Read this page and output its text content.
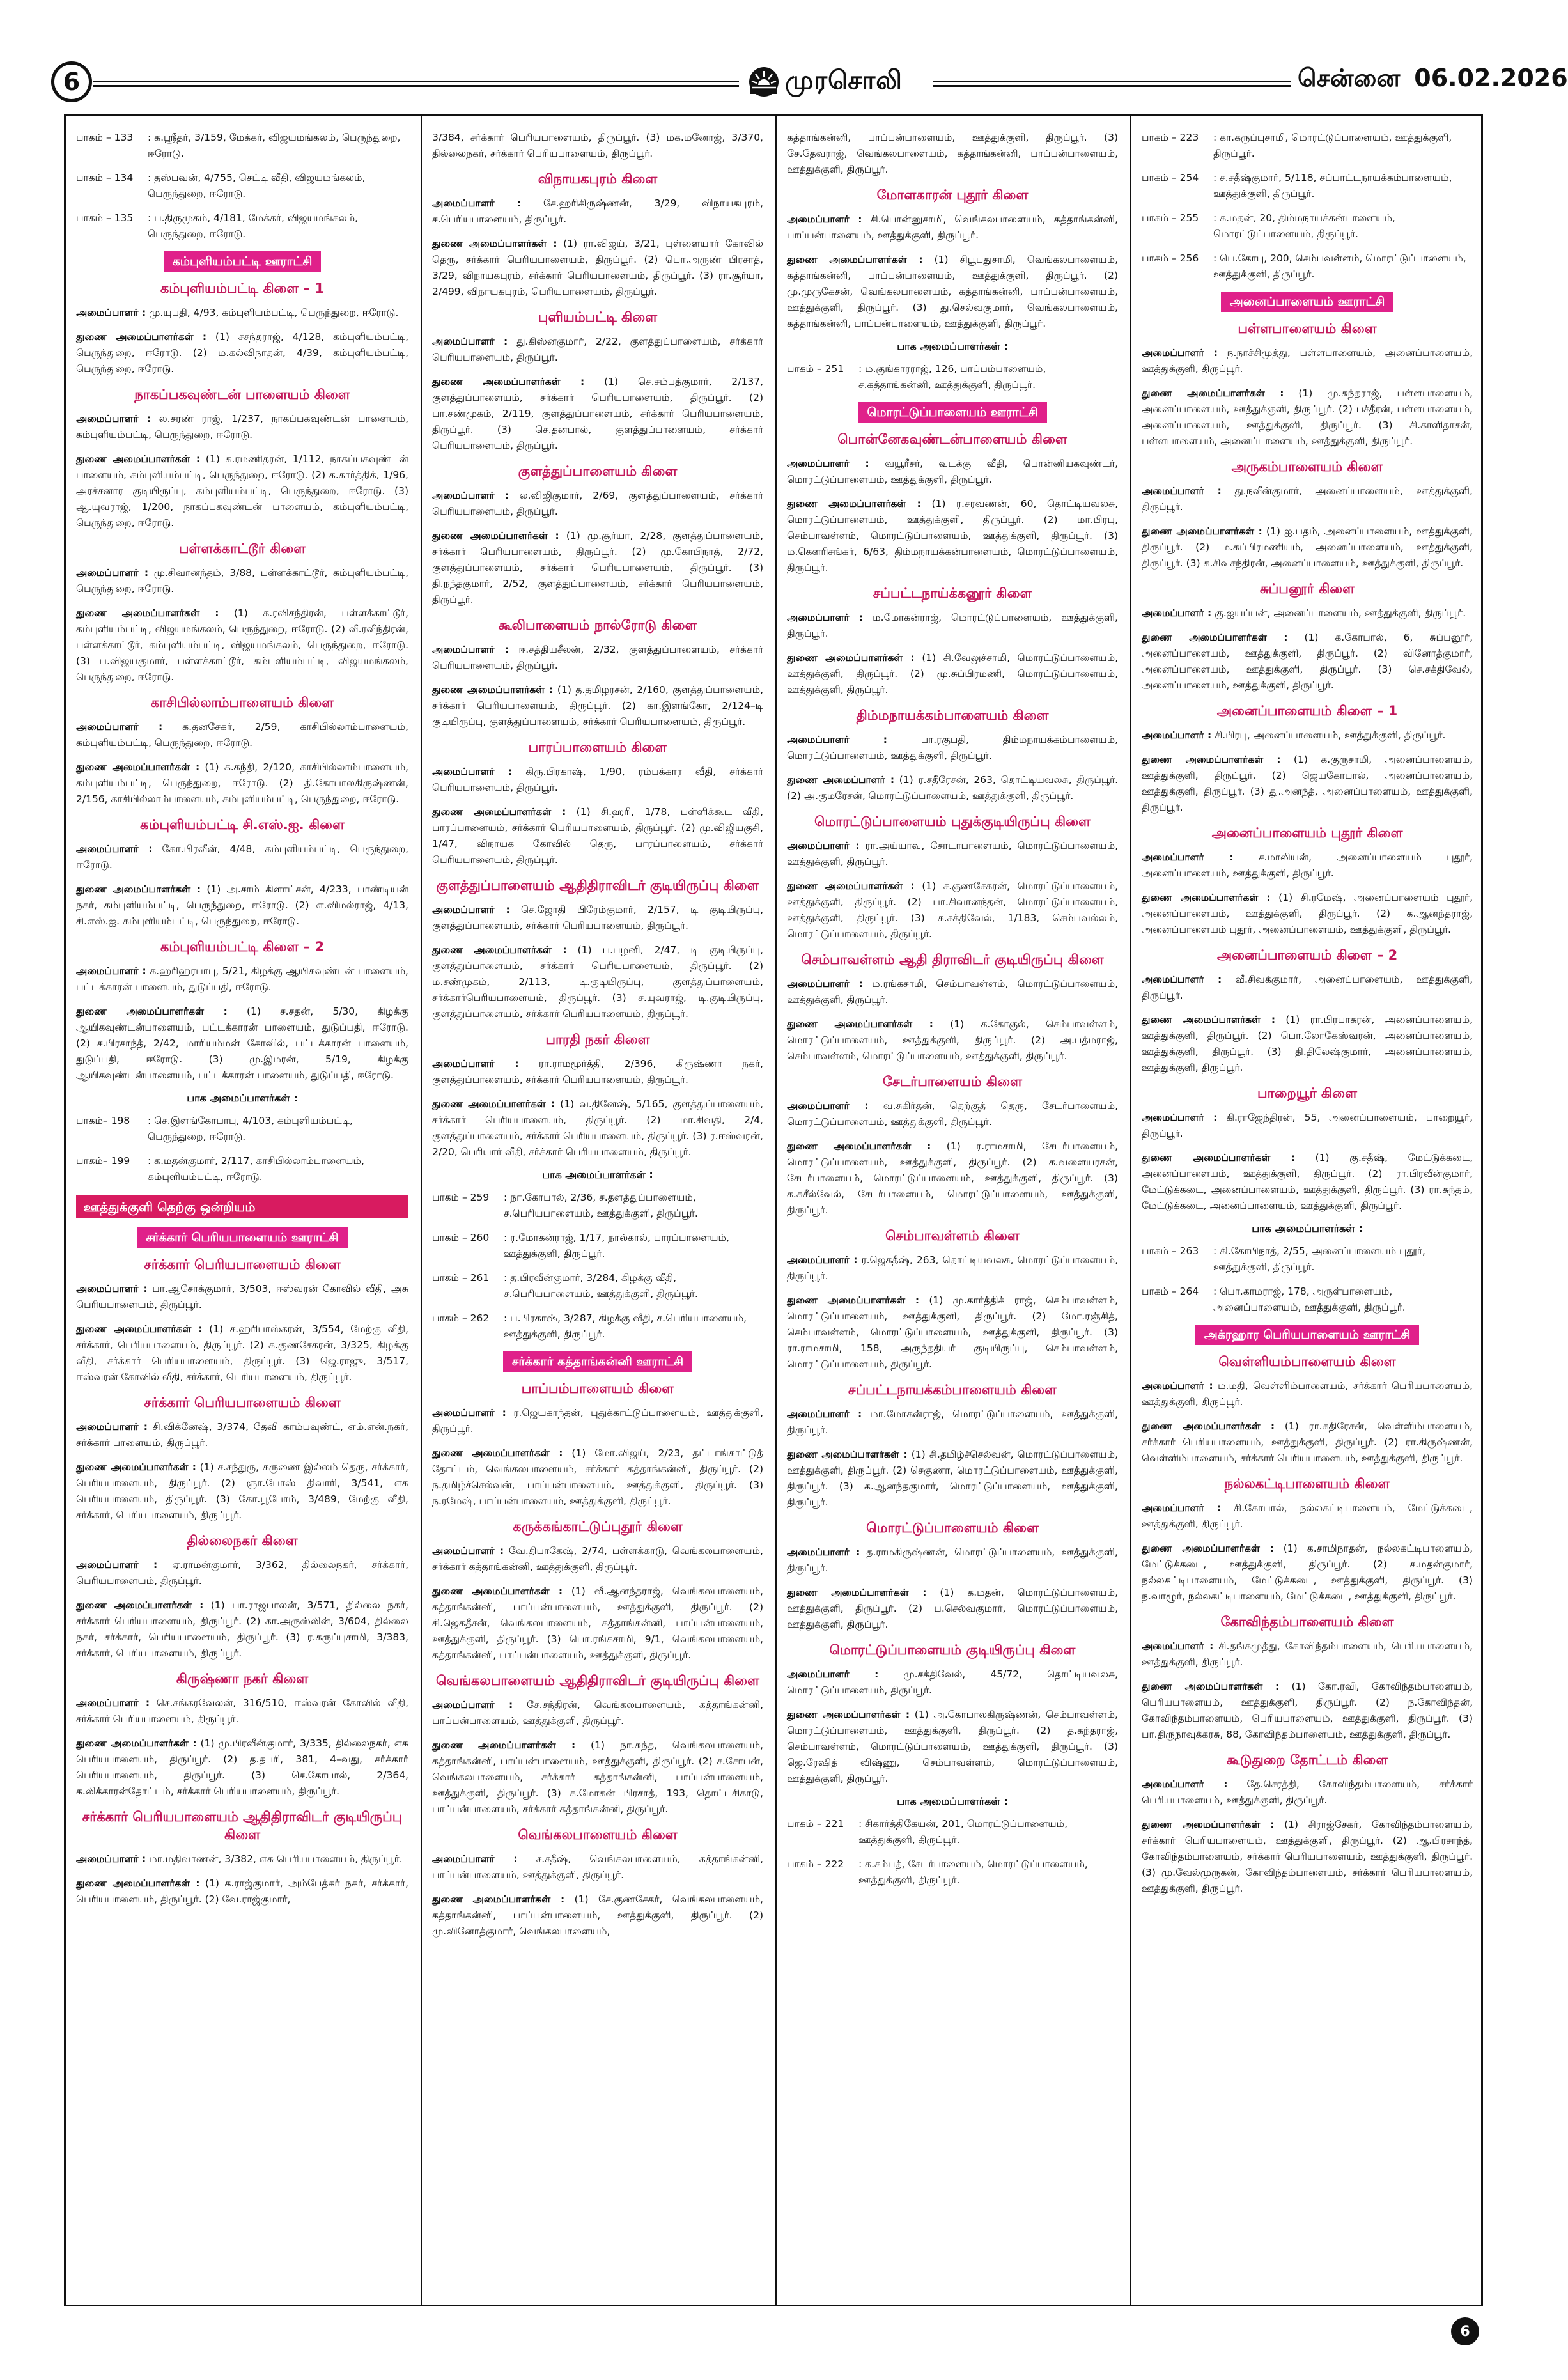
6	முரசொலி	சென்னை 06.02.2026
பாகம் – 133	: க.ஸ்ரீதர், 3/159, மேக்கர், விஜயமங்கலம், பெருந்துறை, ஈரோடு.
பாகம் – 134	: தஸ்பவன், 4/755, செட்டி வீதி, விஜயமங்கலம், பெருந்துறை, ஈரோடு.
பாகம் – 135	: ப.திருமுகம், 4/181, மேக்கர், விஜயமங்கலம், பெருந்துறை, ஈரோடு.
கம்புளியம்பட்டி ஊராட்சி
கம்புளியம்பட்டி கிளை – 1

அமைப்பாளர் : மு.யுபதி, 4/93, கம்புளியம்பட்டி, பெருந்துறை, ஈரோடு.

துணை அமைப்பாளர்கள் : (1) சசந்தராஜ், 4/128, கம்புளியம்பட்டி, பெருந்துறை, ஈரோடு. (2) ம.கல்விநாதன், 4/39, கம்புளியம்பட்டி, பெருந்துறை, ஈரோடு.

நாகப்பகவுண்டன் பாளையம் கிளை

அமைப்பாளர் : ல.சரண் ராஜ், 1/237, நாகப்பகவுண்டன் பாளையம், கம்புளியம்பட்டி, பெருந்துறை, ஈரோடு.

துணை அமைப்பாளர்கள் : (1) க.ரமணிதரன், 1/112, நாகப்பகவுண்டன் பாளையம், கம்புளியம்பட்டி, பெருந்துறை, ஈரோடு. (2) க.கார்த்திக், 1/96, அரச்சனார குடியிருப்பு, கம்புளியம்பட்டி, பெருந்துறை, ஈரோடு. (3) ஆ.யுவராஜ், 1/200, நாகப்பகவுண்டன் பாளையம், கம்புளியம்பட்டி, பெருந்துறை, ஈரோடு.

பள்ளக்காட்டூர் கிளை

அமைப்பாளர் : மு.சிவானந்தம், 3/88, பள்ளக்காட்டூர், கம்புளியம்பட்டி, பெருந்துறை, ஈரோடு.

துணை அமைப்பாளர்கள் : (1) க.ரவிசந்திரன், பள்ளக்காட்டூர், கம்புளியம்பட்டி, விஜயமங்கலம், பெருந்துறை, ஈரோடு. (2) வீ.ரவீந்திரன், பள்ளக்காட்டூர், கம்புளியம்பட்டி, விஜயமங்கலம், பெருந்துறை, ஈரோடு. (3) ப.விஜயகுமார், பள்ளக்காட்டூர், கம்புளியம்பட்டி, விஜயமங்கலம், பெருந்துறை, ஈரோடு.

காசிபில்லாம்பாளையம் கிளை

அமைப்பாளர் : க.தனசேகர், 2/59, காசிபில்லாம்பாளையம், கம்புளியம்பட்டி, பெருந்துறை, ஈரோடு.

துணை அமைப்பாளர்கள் : (1) க.கந்தி, 2/120, காசிபில்லாம்பாளையம், கம்புளியம்பட்டி, பெருந்துறை, ஈரோடு. (2) தி.கோபாலகிருஷ்ணன், 2/156, காசிபில்லாம்பாளையம், கம்புளியம்பட்டி, பெருந்துறை, ஈரோடு.

கம்புளியம்பட்டி சி.எஸ்.ஐ. கிளை

அமைப்பாளர் : கோ.பிரவீன், 4/48, கம்புளியம்பட்டி, பெருந்துறை, ஈரோடு.

துணை அமைப்பாளர்கள் : (1) அ.சாம் கிளாட்சன், 4/233, பாண்டியன் நகர், கம்புளியம்பட்டி, பெருந்துறை, ஈரோடு. (2) எ.விமல்ராஜ், 4/13, சி.எஸ்.ஐ. கம்புளியம்பட்டி, பெருந்துறை, ஈரோடு.

கம்புளியம்பட்டி கிளை – 2

அமைப்பாளர் : க.ஹரிஹரபாபு, 5/21, கிழக்கு ஆயிகவுண்டன் பாளையம், பட்டக்காரன் பாளையம், துடுப்பதி, ஈரோடு.

துணை அமைப்பாளர்கள் : (1) ச.சதன், 5/30, கிழக்கு ஆயிகவுண்டன்பாளையம், பட்டக்காரன் பாளையம், துடுப்பதி, ஈரோடு. (2) ச.பிரசாந்த், 2/42, மாரியம்மன் கோவில், பட்டக்காரன் பாளையம், துடுப்பதி, ஈரோடு. (3) மு.இமரன், 5/19, கிழக்கு ஆயிகவுண்டன்பாளையம், பட்டக்காரன் பாளையம், துடுப்பதி, ஈரோடு.

பாக அமைப்பாளர்கள் :
பாகம்– 198	: செ.இளங்கோபாபு, 4/103, கம்புளியம்பட்டி, பெருந்துறை, ஈரோடு.
பாகம்– 199	: க.மதன்குமார், 2/117, காசிபில்லாம்பாளையம், கம்புளியம்பட்டி, ஈரோடு.
ஊத்துக்குளி தெற்கு ஒன்றியம்
சர்க்கார் பெரியபாளையம் ஊராட்சி
சர்க்கார் பெரியபாளையம் கிளை

அமைப்பாளர் : பா.ஆசோக்குமார், 3/503, ஈஸ்வரன் கோவில் வீதி, அசு பெரியபாளையம், திருப்பூர்.

துணை அமைப்பாளர்கள் : (1) ச.ஹரிபாஸ்கரன், 3/554, மேற்கு வீதி, சர்க்கார், பெரியபாளையம், திருப்பூர். (2) க.குணசேகரன், 3/325, கிழக்கு வீதி, சர்க்கார் பெரியபாளையம், திருப்பூர். (3) ஜெ.ராஜு, 3/517, ஈஸ்வரன் கோவில் வீதி, சர்க்கார், பெரியபாளையம், திருப்பூர்.

சர்க்கார் பெரியபாளையம் கிளை

அமைப்பாளர் : சி.விக்னேஷ், 3/374, தேவி காம்பவுண்ட், எம்.என்.நகர், சர்க்கார் பாளையம், திருப்பூர்.

துணை அமைப்பாளர்கள் : (1) ச.சந்துரு, கருணை இல்லம் தெரு, சர்க்கார், பெரியபாளையம், திருப்பூர். (2) ஞா.போஸ் திவாரி, 3/541, எசு பெரியபாளையம், திருப்பூர். (3) கோ.பூபோம், 3/489, மேற்கு வீதி, சர்க்கார், பெரியபாளையம், திருப்பூர்.

தில்லைநகர் கிளை

அமைப்பாளர் : ஏ.ராமன்குமார், 3/362, தில்லைநகர், சர்க்கார், பெரியபாளையம், திருப்பூர்.

துணை அமைப்பாளர்கள் : (1) பா.ராஜபாலன், 3/571, தில்லை நகர், சர்க்கார் பெரியபாளையம், திருப்பூர். (2) கா.அருஸ்லின், 3/604, தில்லை நகர், சர்க்கார், பெரியபாளையம், திருப்பூர். (3) ர.கருப்புசாமி, 3/383, சர்க்கார், பெரியபாளையம், திருப்பூர்.

கிருஷ்ணா நகர் கிளை

அமைப்பாளர் : செ.சங்கரவேலன், 316/510, ஈஸ்வரன் கோவில் வீதி, சர்க்கார் பெரியபாளையம், திருப்பூர்.

துணை அமைப்பாளர்கள் : (1) மு.பிரவீன்குமார், 3/335, தில்லைநகர், எசு பெரியபாளையம், திருப்பூர். (2) த.தபரி, 381, 4–வது, சர்க்கார் பெரியபாளையம், திருப்பூர். (3) செ.கோபால், 2/364, க.லிக்காரன்தோட்டம், சர்க்கார் பெரியபாளையம், திருப்பூர்.

சர்க்கார் பெரியபாளையம் ஆதிதிராவிடர் குடியிருப்பு கிளை

அமைப்பாளர் : மா.மதிவாணன், 3/382, எசு பெரியபாளையம், திருப்பூர்.

துணை அமைப்பாளர்கள் : (1) க.ராஜ்குமார், அம்பேத்கர் நகர், சர்க்கார், பெரியபாளையம், திருப்பூர். (2) வே.ராஜ்குமார்,

3/384, சர்க்கார் பெரியபாளையம், திருப்பூர். (3) மக.மனோஜ், 3/370, தில்லைநகர், சர்க்கார் பெரியபாளையம், திருப்பூர்.

விநாயகபுரம் கிளை

அமைப்பாளர் : சே.ஹரிகிருஷ்ணன், 3/29, விநாயகபுரம், ச.பெரியபாளையம், திருப்பூர்.

துணை அமைப்பாளர்கள் : (1) ரா.விஜய், 3/21, புள்ளையார் கோவில் தெரு, சர்க்கார் பெரியபாளையம், திருப்பூர். (2) பொ.அருண் பிரசாத், 3/29, விநாயகபுரம், சர்க்கார் பெரியபாளையம், திருப்பூர். (3) ரா.சூர்யா, 2/499, விநாயகபுரம், பெரியபாளையம், திருப்பூர்.

புளியம்பட்டி கிளை

அமைப்பாளர் : து.கிஸ்னகுமார், 2/22, குளத்துப்பாளையம், சர்க்கார் பெரியபாளையம், திருப்பூர்.

துணை அமைப்பாளர்கள் : (1) செ.சம்பத்குமார், 2/137, குளத்துப்பாளையம், சர்க்கார் பெரியபாளையம், திருப்பூர். (2) பா.சண்முகம், 2/119, குளத்துப்பாளையம், சர்க்கார் பெரியபாளையம், திருப்பூர். (3) செ.தனபால், குளத்துப்பாளையம், சர்க்கார் பெரியபாளையம், திருப்பூர்.

குளத்துப்பாளையம் கிளை

அமைப்பாளர் : ல.விஜிகுமார், 2/69, குளத்துப்பாளையம், சர்க்கார் பெரியபாளையம், திருப்பூர்.

துணை அமைப்பாளர்கள் : (1) மு.சூர்யா, 2/28, குளத்துப்பாளையம், சர்க்கார் பெரியபாளையம், திருப்பூர். (2) மு.கோபிநாத், 2/72, குளத்துப்பாளையம், சர்க்கார் பெரியபாளையம், திருப்பூர். (3) தி.நந்தகுமார், 2/52, குளத்துப்பாளையம், சர்க்கார் பெரியபாளையம், திருப்பூர்.

கூலிபாளையம் நால்ரோடு கிளை

அமைப்பாளர் : ஈ.சத்தியசீலன், 2/32, குளத்துப்பாளையம், சர்க்கார் பெரியபாளையம், திருப்பூர்.

துணை அமைப்பாளர்கள் : (1) த.தமிழரசன், 2/160, குளத்துப்பாளையம், சர்க்கார் பெரியபாளையம், திருப்பூர். (2) கா.இளங்கோ, 2/124–டி குடியிருப்பு, குளத்துப்பாளையம், சர்க்கார் பெரியபாளையம், திருப்பூர்.

பாரப்பாளையம் கிளை

அமைப்பாளர் : கிரு.பிரகாஷ், 1/90, ரம்பக்கார வீதி, சர்க்கார் பெரியபாளையம், திருப்பூர்.

துணை அமைப்பாளர்கள் : (1) சி.ஹரி, 1/78, பள்ளிக்கூட வீதி, பாரப்பாளையம், சர்க்கார் பெரியபாளையம், திருப்பூர். (2) மு.விஜியகுசி, 1/47, விநாயக கோவில் தெரு, பாரப்பாளையம், சர்க்கார் பெரியபாளையம், திருப்பூர்.

குளத்துப்பாளையம் ஆதிதிராவிடர் குடியிருப்பு கிளை

அமைப்பாளர் : செ.ஜோதி பிரேம்குமார், 2/157, டி குடியிருப்பு, குளத்துப்பாளையம், சர்க்கார் பெரியபாளையம், திருப்பூர்.

துணை அமைப்பாளர்கள் : (1) ப.பழனி, 2/47, டி குடியிருப்பு, குளத்துப்பாளையம், சர்க்கார் பெரியபாளையம், திருப்பூர். (2) ம.சண்முகம், 2/113, டி.குடியிருப்பு, குளத்துப்பாளையம், சர்க்கார்பெரியபாளையம், திருப்பூர். (3) ச.யுவராஜ், டி.குடியிருப்பு, குளத்துப்பாளையம், சர்க்கார் பெரியபாளையம், திருப்பூர்.

பாரதி நகர் கிளை

அமைப்பாளர் : ரா.ராமமூர்த்தி, 2/396, கிருஷ்ணா நகர், குளத்துப்பாளையம், சர்க்கார் பெரியபாளையம், திருப்பூர்.

துணை அமைப்பாளர்கள் : (1) வ.தினேஷ், 5/165, குளத்துப்பாளையம், சர்க்கார் பெரியபாளையம், திருப்பூர். (2) மா.சிவதி, 2/4, குளத்துப்பாளையம், சர்க்கார் பெரியபாளையம், திருப்பூர். (3) ர.ஈஸ்வரன், 2/20, பெரியார் வீதி, சர்க்கார் பெரியபாளையம், திருப்பூர்.

பாக அமைப்பாளர்கள் :
பாகம் – 259	: நா.கோபால், 2/36, ச.தளத்துப்பாளையம், ச.பெரியபாளையம், ஊத்துக்குளி, திருப்பூர்.
பாகம் – 260	: ர.மோகன்ராஜ், 1/17, நால்கால், பாரப்பாளையம், ஊத்துக்குளி, திருப்பூர்.
பாகம் – 261	: த.பிரவீன்குமார், 3/284, கிழக்கு வீதி, ச.பெரியபாளையம், ஊத்துக்குளி, திருப்பூர்.
பாகம் – 262	: ப.பிரகாஷ், 3/287, கிழக்கு வீதி, ச.பெரியபாளையம், ஊத்துக்குளி, திருப்பூர்.
சர்க்கார் கத்தாங்கன்னி ஊராட்சி
பாப்பம்பாளையம் கிளை

அமைப்பாளர் : ர.ஜெயகாந்தன், புதுக்காட்டுப்பாளையம், ஊத்துக்குளி, திருப்பூர்.

துணை அமைப்பாளர்கள் : (1) மோ.விஜய், 2/23, தட்டாங்காட்டுத் தோட்டம், வெங்கலபாளையம், சர்க்கார் கத்தாங்கன்னி, திருப்பூர். (2) ந.தமிழ்ச்செல்வன், பாப்பன்பாளையம், ஊத்துக்குளி, திருப்பூர். (3) ந.ரமேஷ், பாப்பன்பாளையம், ஊத்துக்குளி, திருப்பூர்.

கருக்கங்காட்டுப்புதூர் கிளை

அமைப்பாளர் : வே.திபாகேஷ், 2/74, பள்ளக்காடு, வெங்கலபாளையம், சர்க்கார் கத்தாங்கன்னி, ஊத்துக்குளி, திருப்பூர்.

துணை அமைப்பாளர்கள் : (1) வீ.ஆனந்தராஜ், வெங்கலபாளையம், கத்தாங்கன்னி, பாப்பன்பாளையம், ஊத்துக்குளி, திருப்பூர். (2) சி.ஜெகதீசன், வெங்கலபாளையம், கத்தாங்கன்னி, பாப்பன்பாளையம், ஊத்துக்குளி, திருப்பூர். (3) பொ.ரங்கசாமி, 9/1, வெங்கலபாளையம், கத்தாங்கன்னி, பாப்பன்பாளையம், ஊத்துக்குளி, திருப்பூர்.

வெங்கலபாளையம் ஆதிதிராவிடர் குடியிருப்பு கிளை

அமைப்பாளர் : சே.சந்திரன், வெங்கலபாளையம், கத்தாங்கன்னி, பாப்பன்பாளையம், ஊத்துக்குளி, திருப்பூர்.

துணை அமைப்பாளர்கள் : (1) நா.சுந்த, வெங்கலபாளையம், கத்தாங்கன்னி, பாப்பன்பாளையம், ஊத்துக்குளி, திருப்பூர். (2) ச.சோபன், வெங்கலபாளையம், சர்க்கார் கத்தாங்கன்னி, பாப்பன்பாளையம், ஊத்துக்குளி, திருப்பூர். (3) க.மோகன் பிரசாத், 193, தொட்டசிகாடு, பாப்பன்பாளையம், சர்க்கார் கத்தாங்கன்னி, திருப்பூர்.

வெங்கலபாளையம் கிளை

அமைப்பாளர் : ச.சதீஷ், வெங்கலபாளையம், கத்தாங்கன்னி, பாப்பன்பாளையம், ஊத்துக்குளி, திருப்பூர்.

துணை அமைப்பாளர்கள் : (1) சே.குணசேகர், வெங்கலபாளையம், கத்தாங்கன்னி, பாப்பன்பாளையம், ஊத்துக்குளி, திருப்பூர். (2) மு.வினோத்குமார், வெங்கலபாளையம்,

கத்தாங்கன்னி, பாப்பன்பாளையம், ஊத்துக்குளி, திருப்பூர். (3) சே.தேவராஜ், வெங்கலபாளையம், கத்தாங்கன்னி, பாப்பன்பாளையம், ஊத்துக்குளி, திருப்பூர்.

மோளகாரன் புதூர் கிளை

அமைப்பாளர் : சி.பொன்னுசாமி, வெங்கலபாளையம், கத்தாங்கன்னி, பாப்பன்பாளையம், ஊத்துக்குளி, திருப்பூர்.

துணை அமைப்பாளர்கள் : (1) சிபூபதுசாமி, வெங்கலபாளையம், கத்தாங்கன்னி, பாப்பன்பாளையம், ஊத்துக்குளி, திருப்பூர். (2) மு.முருகேசன், வெங்கலபாளையம், கத்தாங்கன்னி, பாப்பன்பாளையம், ஊத்துக்குளி, திருப்பூர். (3) து.செல்வகுமார், வெங்கலபாளையம், கத்தாங்கன்னி, பாப்பன்பாளையம், ஊத்துக்குளி, திருப்பூர்.

பாக அமைப்பாளர்கள் :
பாகம் – 251	: ம.குங்காரராஜ், 126, பாப்பம்பாளையம், ச.கத்தாங்கன்னி, ஊத்துக்குளி, திருப்பூர்.
மொரட்டுப்பாளையம் ஊராட்சி
பொன்னேகவுண்டன்பாளையம் கிளை

அமைப்பாளர் : வயூரீசர், வடக்கு வீதி, பொன்னியகவுண்டர், மொரட்டுப்பாளையம், ஊத்துக்குளி, திருப்பூர்.

துணை அமைப்பாளர்கள் : (1) ர.சரவணன், 60, தொட்டியவலசு, மொரட்டுப்பாளையம், ஊத்துக்குளி, திருப்பூர். (2) மா.பிரபு, செம்பாவள்ளம், மொரட்டுப்பாளையம், ஊத்துக்குளி, திருப்பூர். (3) ம.கௌரிசங்கர், 6/63, திம்மநாயக்கன்பாளையம், மொரட்டுப்பாளையம், திருப்பூர்.

சப்பட்டநாய்க்கனூர் கிளை

அமைப்பாளர் : ம.மோகன்ராஜ், மொரட்டுப்பாளையம், ஊத்துக்குளி, திருப்பூர்.

துணை அமைப்பாளர்கள் : (1) சி.வேலுச்சாமி, மொரட்டுப்பாளையம், ஊத்துக்குளி, திருப்பூர். (2) மு.சுப்பிரமணி, மொரட்டுப்பாளையம், ஊத்துக்குளி, திருப்பூர்.

திம்மநாயக்கம்பாளையம் கிளை

அமைப்பாளர் : பா.ரகுபதி, திம்மநாயக்கம்பாளையம், மொரட்டுப்பாளையம், ஊத்துக்குளி, திருப்பூர்.

துணை அமைப்பாளர் : (1) ர.சதீரேசன், 263, தொட்டியவலசு, திருப்பூர். (2) அ.குமரேசன், மொரட்டுப்பாளையம், ஊத்துக்குளி, திருப்பூர்.

மொரட்டுப்பாளையம் புதுக்குடியிருப்பு கிளை

அமைப்பாளர் : ரா.அய்யாவு, சோடாபாளையம், மொரட்டுப்பாளையம், ஊத்துக்குளி, திருப்பூர்.

துணை அமைப்பாளர்கள் : (1) ச.குணசேகரன், மொரட்டுப்பாளையம், ஊத்துக்குளி, திருப்பூர். (2) பா.சிவானந்தன், மொரட்டுப்பாளையம், ஊத்துக்குளி, திருப்பூர். (3) க.சக்திவேல், 1/183, செம்பவல்லம், மொரட்டுப்பாளையம், திருப்பூர்.

செம்பாவள்ளம் ஆதி திராவிடர் குடியிருப்பு கிளை

அமைப்பாளர் : ம.ரங்கசாமி, செம்பாவள்ளம், மொரட்டுப்பாளையம், ஊத்துக்குளி, திருப்பூர்.

துணை அமைப்பாளர்கள் : (1) க.கோகுல், செம்பாவள்ளம், மொரட்டுப்பாளையம், ஊத்துக்குளி, திருப்பூர். (2) அ.பத்மராஜ், செம்பாவள்ளம், மொரட்டுப்பாளையம், ஊத்துக்குளி, திருப்பூர்.

சேடர்பாளையம் கிளை

அமைப்பாளர் : வ.சுகிர்தன், தெற்குத் தெரு, சேடர்பாளையம், மொரட்டுப்பாளையம், ஊத்துக்குளி, திருப்பூர்.

துணை அமைப்பாளர்கள் : (1) ர.ராமசாமி, சேடர்பாளையம், மொரட்டுப்பாளையம், ஊத்துக்குளி, திருப்பூர். (2) க.வளையரசன், சேடர்பாளையம், மொரட்டுப்பாளையம், ஊத்துக்குளி, திருப்பூர். (3) க.சுசீல்வேல், சேடர்பாளையம், மொரட்டுப்பாளையம், ஊத்துக்குளி, திருப்பூர்.

செம்பாவள்ளம் கிளை

அமைப்பாளர் : ர.ஜெகதீஷ், 263, தொட்டியவலசு, மொரட்டுப்பாளையம், திருப்பூர்.

துணை அமைப்பாளர்கள் : (1) மு.கார்த்திக் ராஜ், செம்பாவள்ளம், மொரட்டுப்பாளையம், ஊத்துக்குளி, திருப்பூர். (2) மோ.ரஞ்சித், செம்பாவள்ளம், மொரட்டுப்பாளையம், ஊத்துக்குளி, திருப்பூர். (3) ரா.ராமசாமி, 158, அருந்ததியர் குடியிருப்பு, செம்பாவள்ளம், மொரட்டுப்பாளையம், திருப்பூர்.

சப்பட்டநாயக்கம்பாளையம் கிளை

அமைப்பாளர் : மா.மோகன்ராஜ், மொரட்டுப்பாளையம், ஊத்துக்குளி, திருப்பூர்.

துணை அமைப்பாளர்கள் : (1) சி.தமிழ்ச்செல்வன், மொரட்டுப்பாளையம், ஊத்துக்குளி, திருப்பூர். (2) செகுணா, மொரட்டுப்பாளையம், ஊத்துக்குளி, திருப்பூர். (3) க.ஆனந்தகுமார், மொரட்டுப்பாளையம், ஊத்துக்குளி, திருப்பூர்.

மொரட்டுப்பாளையம் கிளை

அமைப்பாளர் : த.ராமகிருஷ்ணன், மொரட்டுப்பாளையம், ஊத்துக்குளி, திருப்பூர்.

துணை அமைப்பாளர்கள் : (1) க.மதன், மொரட்டுப்பாளையம், ஊத்துக்குளி, திருப்பூர். (2) ப.செல்வகுமார், மொரட்டுப்பாளையம், ஊத்துக்குளி, திருப்பூர்.

மொரட்டுப்பாளையம் குடியிருப்பு கிளை

அமைப்பாளர் : மு.சக்திவேல், 45/72, தொட்டியவலசு, மொரட்டுப்பாளையம், திருப்பூர்.

துணை அமைப்பாளர்கள் : (1) அ.கோபாலகிருஷ்ணன், செம்பாவள்ளம், மொரட்டுப்பாளையம், ஊத்துக்குளி, திருப்பூர். (2) த.கந்தராஜ், செம்பாவள்ளம், மொரட்டுப்பாளையம், ஊத்துக்குளி, திருப்பூர். (3) ஜெ.ரேஷித் விஷ்ணு, செம்பாவள்ளம், மொரட்டுப்பாளையம், ஊத்துக்குளி, திருப்பூர்.

பாக அமைப்பாளர்கள் :
பாகம் – 221	: சிகார்த்திகேயன், 201, மொரட்டுப்பாளையம், ஊத்துக்குளி, திருப்பூர்.
பாகம் – 222	: க.சம்பத், சேடர்பாளையம், மொரட்டுப்பாளையம், ஊத்துக்குளி, திருப்பூர்.
பாகம் – 223	: கா.கருப்புசாமி, மொரட்டுப்பாளையம், ஊத்துக்குளி, திருப்பூர்.
பாகம் – 254	: ச.சதீஷ்குமார், 5/118, சப்பாட்டநாயக்கம்பாளையம், ஊத்துக்குளி, திருப்பூர்.
பாகம் – 255	: க.மதன், 20, திம்மநாயக்கன்பாளையம், மொரட்டுப்பாளையம், திருப்பூர்.
பாகம் – 256	: பெ.கோபு, 200, செம்பவள்ளம், மொரட்டுப்பாளையம், ஊத்துக்குளி, திருப்பூர்.
அனைப்பாளையம் ஊராட்சி
பள்ளபாளையம் கிளை

அமைப்பாளர் : ந.நாச்சிமுத்து, பள்ளபாளையம், அனைப்பாளையம், ஊத்துக்குளி, திருப்பூர்.

துணை அமைப்பாளர்கள் : (1) மு.சுந்தராஜ், பள்ளபாளையம், அனைப்பாளையம், ஊத்துக்குளி, திருப்பூர். (2) பச்தீரன், பள்ளபாளையம், அனைப்பாளையம், ஊத்துக்குளி, திருப்பூர். (3) சி.காளிதாசன், பள்ளபாளையம், அனைப்பாளையம், ஊத்துக்குளி, திருப்பூர்.

அருகம்பாளையம் கிளை

அமைப்பாளர் : து.நவீன்குமார், அனைப்பாளையம், ஊத்துக்குளி, திருப்பூர்.

துணை அமைப்பாளர்கள் : (1) ஐ.பதம், அனைப்பாளையம், ஊத்துக்குளி, திருப்பூர். (2) ம.சுப்பிரமணியம், அனைப்பாளையம், ஊத்துக்குளி, திருப்பூர். (3) க.சிவசந்திரன், அனைப்பாளையம், ஊத்துக்குளி, திருப்பூர்.

சுப்பனூர் கிளை

அமைப்பாளர் : கு.ஐயப்பன், அனைப்பாளையம், ஊத்துக்குளி, திருப்பூர்.

துணை அமைப்பாளர்கள் : (1) க.கோபால், 6, சுப்பனூர், அனைப்பாளையம், ஊத்துக்குளி, திருப்பூர். (2) வினோத்குமார், அனைப்பாளையம், ஊத்துக்குளி, திருப்பூர். (3) செ.சக்திவேல், அனைப்பாளையம், ஊத்துக்குளி, திருப்பூர்.

அனைப்பாளையம் கிளை – 1

அமைப்பாளர் : சி.பிரபு, அனைப்பாளையம், ஊத்துக்குளி, திருப்பூர்.

துணை அமைப்பாளர்கள் : (1) க.குருசாமி, அனைப்பாளையம், ஊத்துக்குளி, திருப்பூர். (2) ஜெயகோபால், அனைப்பாளையம், ஊத்துக்குளி, திருப்பூர். (3) து.அனந்த், அனைப்பாளையம், ஊத்துக்குளி, திருப்பூர்.

அனைப்பாளையம் புதூர் கிளை

அமைப்பாளர் : ச.மாலியன், அனைப்பாளையம் புதூர், அனைப்பாளையம், ஊத்துக்குளி, திருப்பூர்.

துணை அமைப்பாளர்கள் : (1) சி.ரமேஷ், அனைப்பாளையம் புதூர், அனைப்பாளையம், ஊத்துக்குளி, திருப்பூர். (2) க.ஆனந்தராஜ், அனைப்பாளையம் புதூர், அனைப்பாளையம், ஊத்துக்குளி, திருப்பூர்.

அனைப்பாளையம் கிளை – 2

அமைப்பாளர் : வீ.சிவக்குமார், அனைப்பாளையம், ஊத்துக்குளி, திருப்பூர்.

துணை அமைப்பாளர்கள் : (1) ரா.பிரபாகரன், அனைப்பாளையம், ஊத்துக்குளி, திருப்பூர். (2) பொ.லோகேஸ்வரன், அனைப்பாளையம், ஊத்துக்குளி, திருப்பூர். (3) தி.திலேஷ்குமார், அனைப்பாளையம், ஊத்துக்குளி, திருப்பூர்.

பாறையூர் கிளை

அமைப்பாளர் : கி.ராஜேந்திரன், 55, அனைப்பாளையம், பாறையூர், திருப்பூர்.

துணை அமைப்பாளர்கள் : (1) கு.சதீஷ், மேட்டுக்கடை, அனைப்பாளையம், ஊத்துக்குளி, திருப்பூர். (2) ரா.பிரவீன்குமார், மேட்டுக்கடை, அனைப்பாளையம், ஊத்துக்குளி, திருப்பூர். (3) ரா.சுந்தம், மேட்டுக்கடை, அனைப்பாளையம், ஊத்துக்குளி, திருப்பூர்.

பாக அமைப்பாளர்கள் :
பாகம் – 263	: கி.கோபிநாத், 2/55, அனைப்பாளையம் புதூர், ஊத்துக்குளி, திருப்பூர்.
பாகம் – 264	: பொ.காமராஜ், 178, அருள்பாளையம், அனைப்பாளையம், ஊத்துக்குளி, திருப்பூர்.
அக்ரஹார பெரியபாளையம் ஊராட்சி
வெள்ளியம்பாளையம் கிளை

அமைப்பாளர் : ம.மதி, வெள்ளிம்பாளையம், சர்க்கார் பெரியபாளையம், ஊத்துக்குளி, திருப்பூர்.

துணை அமைப்பாளர்கள் : (1) ரா.கதிரேசன், வெள்ளிம்பாளையம், சர்க்கார் பெரியபாளையம், ஊத்துக்குளி, திருப்பூர். (2) ரா.கிருஷ்ணன், வெள்ளிம்பாளையம், சர்க்கார் பெரியபாளையம், ஊத்துக்குளி, திருப்பூர்.

நல்லகட்டிபாளையம் கிளை

அமைப்பாளர் : சி.கோபால், நல்லகட்டிபாளையம், மேட்டுக்கடை, ஊத்துக்குளி, திருப்பூர்.

துணை அமைப்பாளர்கள் : (1) க.சாமிநாதன், நல்லகட்டிபாளையம், மேட்டுக்கடை, ஊத்துக்குளி, திருப்பூர். (2) ச.மதன்குமார், நல்லகட்டிபாளையம், மேட்டுக்கடை, ஊத்துக்குளி, திருப்பூர். (3) ந.வாழூர், நல்லகட்டிபாளையம், மேட்டுக்கடை, ஊத்துக்குளி, திருப்பூர்.

கோவிந்தம்பாளையம் கிளை

அமைப்பாளர் : சி.தங்கமுத்து, கோவிந்தம்பாளையம், பெரியபாளையம், ஊத்துக்குளி, திருப்பூர்.

துணை அமைப்பாளர்கள் : (1) கோ.ரவி, கோவிந்தம்பாளையம், பெரியபாளையம், ஊத்துக்குளி, திருப்பூர். (2) ந.கோவிந்தன், கோவிந்தம்பாளையம், பெரியபாளையம், ஊத்துக்குளி, திருப்பூர். (3) பா.திருநாவுக்கரசு, 88, கோவிந்தம்பாளையம், ஊத்துக்குளி, திருப்பூர்.

கூடுதுறை தோட்டம் கிளை

அமைப்பாளர் : தே.செரத்தி, கோவிந்தம்பாளையம், சர்க்கார் பெரியபாளையம், ஊத்துக்குளி, திருப்பூர்.

துணை அமைப்பாளர்கள் : (1) சிராஜ்சேகர், கோவிந்தம்பாளையம், சர்க்கார் பெரியபாளையம், ஊத்துக்குளி, திருப்பூர். (2) ஆ.பிரசாந்த், கோவிந்தம்பாளையம், சர்க்கார் பெரியபாளையம், ஊத்துக்குளி, திருப்பூர். (3) மு.வேல்முருகன், கோவிந்தம்பாளையம், சர்க்கார் பெரியபாளையம், ஊத்துக்குளி, திருப்பூர்.

6
